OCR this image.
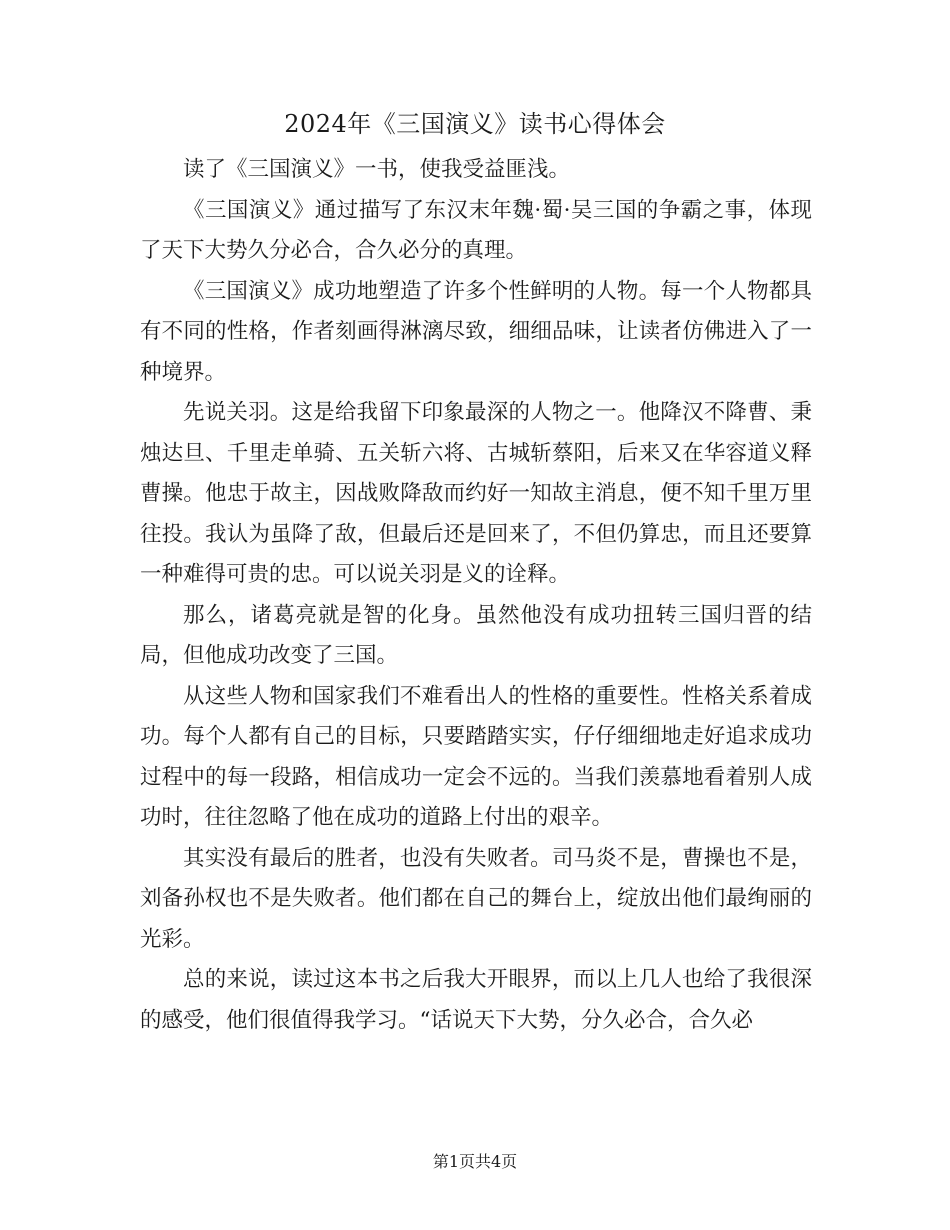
2024年《三国演义》读书心得体会

读了《三国演义》一书，使我受益匪浅。

《三国演义》通过描写了东汉末年魏·蜀·吴三国的争霸之事，体现了天下大势久分必合，合久必分的真理。

《三国演义》成功地塑造了许多个性鲜明的人物。每一个人物都具有不同的性格，作者刻画得淋漓尽致，细细品味，让读者仿佛进入了一种境界。

先说关羽。这是给我留下印象最深的人物之一。他降汉不降曹、秉烛达旦、千里走单骑、五关斩六将、古城斩蔡阳，后来又在华容道义释曹操。他忠于故主，因战败降敌而约好一知故主消息，便不知千里万里往投。我认为虽降了敌，但最后还是回来了，不但仍算忠，而且还要算一种难得可贵的忠。可以说关羽是义的诠释。

那么，诸葛亮就是智的化身。虽然他没有成功扭转三国归晋的结局，但他成功改变了三国。

从这些人物和国家我们不难看出人的性格的重要性。性格关系着成功。每个人都有自己的目标，只要踏踏实实，仔仔细细地走好追求成功过程中的每一段路，相信成功一定会不远的。当我们羡慕地看着别人成功时，往往忽略了他在成功的道路上付出的艰辛。

其实没有最后的胜者，也没有失败者。司马炎不是，曹操也不是，刘备孙权也不是失败者。他们都在自己的舞台上，绽放出他们最绚丽的光彩。

总的来说，读过这本书之后我大开眼界，而以上几人也给了我很深的感受，他们很值得我学习。“话说天下大势，分久必合，合久必

第1页共4页
